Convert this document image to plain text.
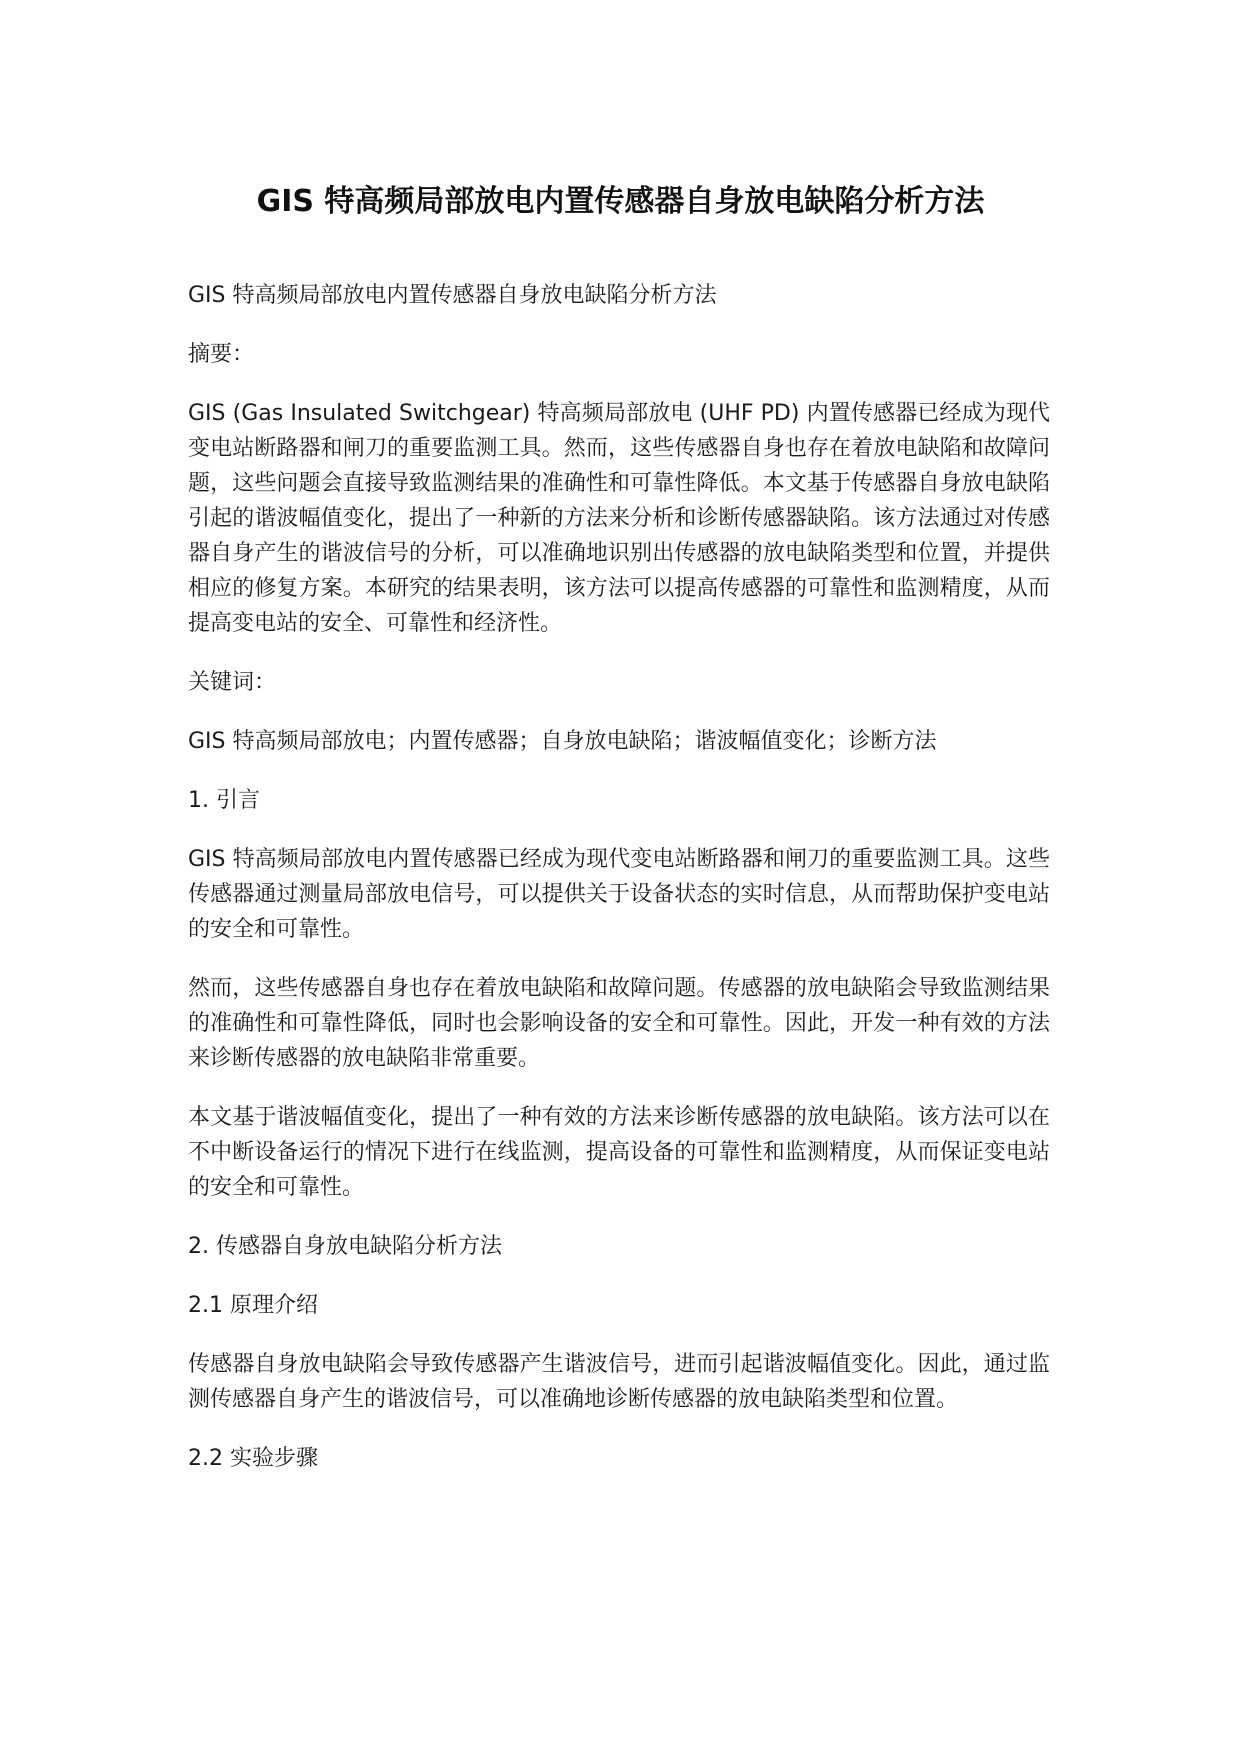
GIS 特高频局部放电内置传感器自身放电缺陷分析方法

GIS 特高频局部放电内置传感器自身放电缺陷分析方法

摘要：

GIS (Gas Insulated Switchgear) 特高频局部放电 (UHF PD) 内置传感器已经成为现代变电站断路器和闸刀的重要监测工具。然而，这些传感器自身也存在着放电缺陷和故障问题，这些问题会直接导致监测结果的准确性和可靠性降低。本文基于传感器自身放电缺陷引起的谐波幅值变化，提出了一种新的方法来分析和诊断传感器缺陷。该方法通过对传感器自身产生的谐波信号的分析，可以准确地识别出传感器的放电缺陷类型和位置，并提供相应的修复方案。本研究的结果表明，该方法可以提高传感器的可靠性和监测精度，从而提高变电站的安全、可靠性和经济性。

关键词：

GIS 特高频局部放电；内置传感器；自身放电缺陷；谐波幅值变化；诊断方法

1. 引言

GIS 特高频局部放电内置传感器已经成为现代变电站断路器和闸刀的重要监测工具。这些传感器通过测量局部放电信号，可以提供关于设备状态的实时信息，从而帮助保护变电站的安全和可靠性。

然而，这些传感器自身也存在着放电缺陷和故障问题。传感器的放电缺陷会导致监测结果的准确性和可靠性降低，同时也会影响设备的安全和可靠性。因此，开发一种有效的方法来诊断传感器的放电缺陷非常重要。

本文基于谐波幅值变化，提出了一种有效的方法来诊断传感器的放电缺陷。该方法可以在不中断设备运行的情况下进行在线监测，提高设备的可靠性和监测精度，从而保证变电站的安全和可靠性。

2. 传感器自身放电缺陷分析方法

2.1 原理介绍

传感器自身放电缺陷会导致传感器产生谐波信号，进而引起谐波幅值变化。因此，通过监测传感器自身产生的谐波信号，可以准确地诊断传感器的放电缺陷类型和位置。

2.2 实验步骤
